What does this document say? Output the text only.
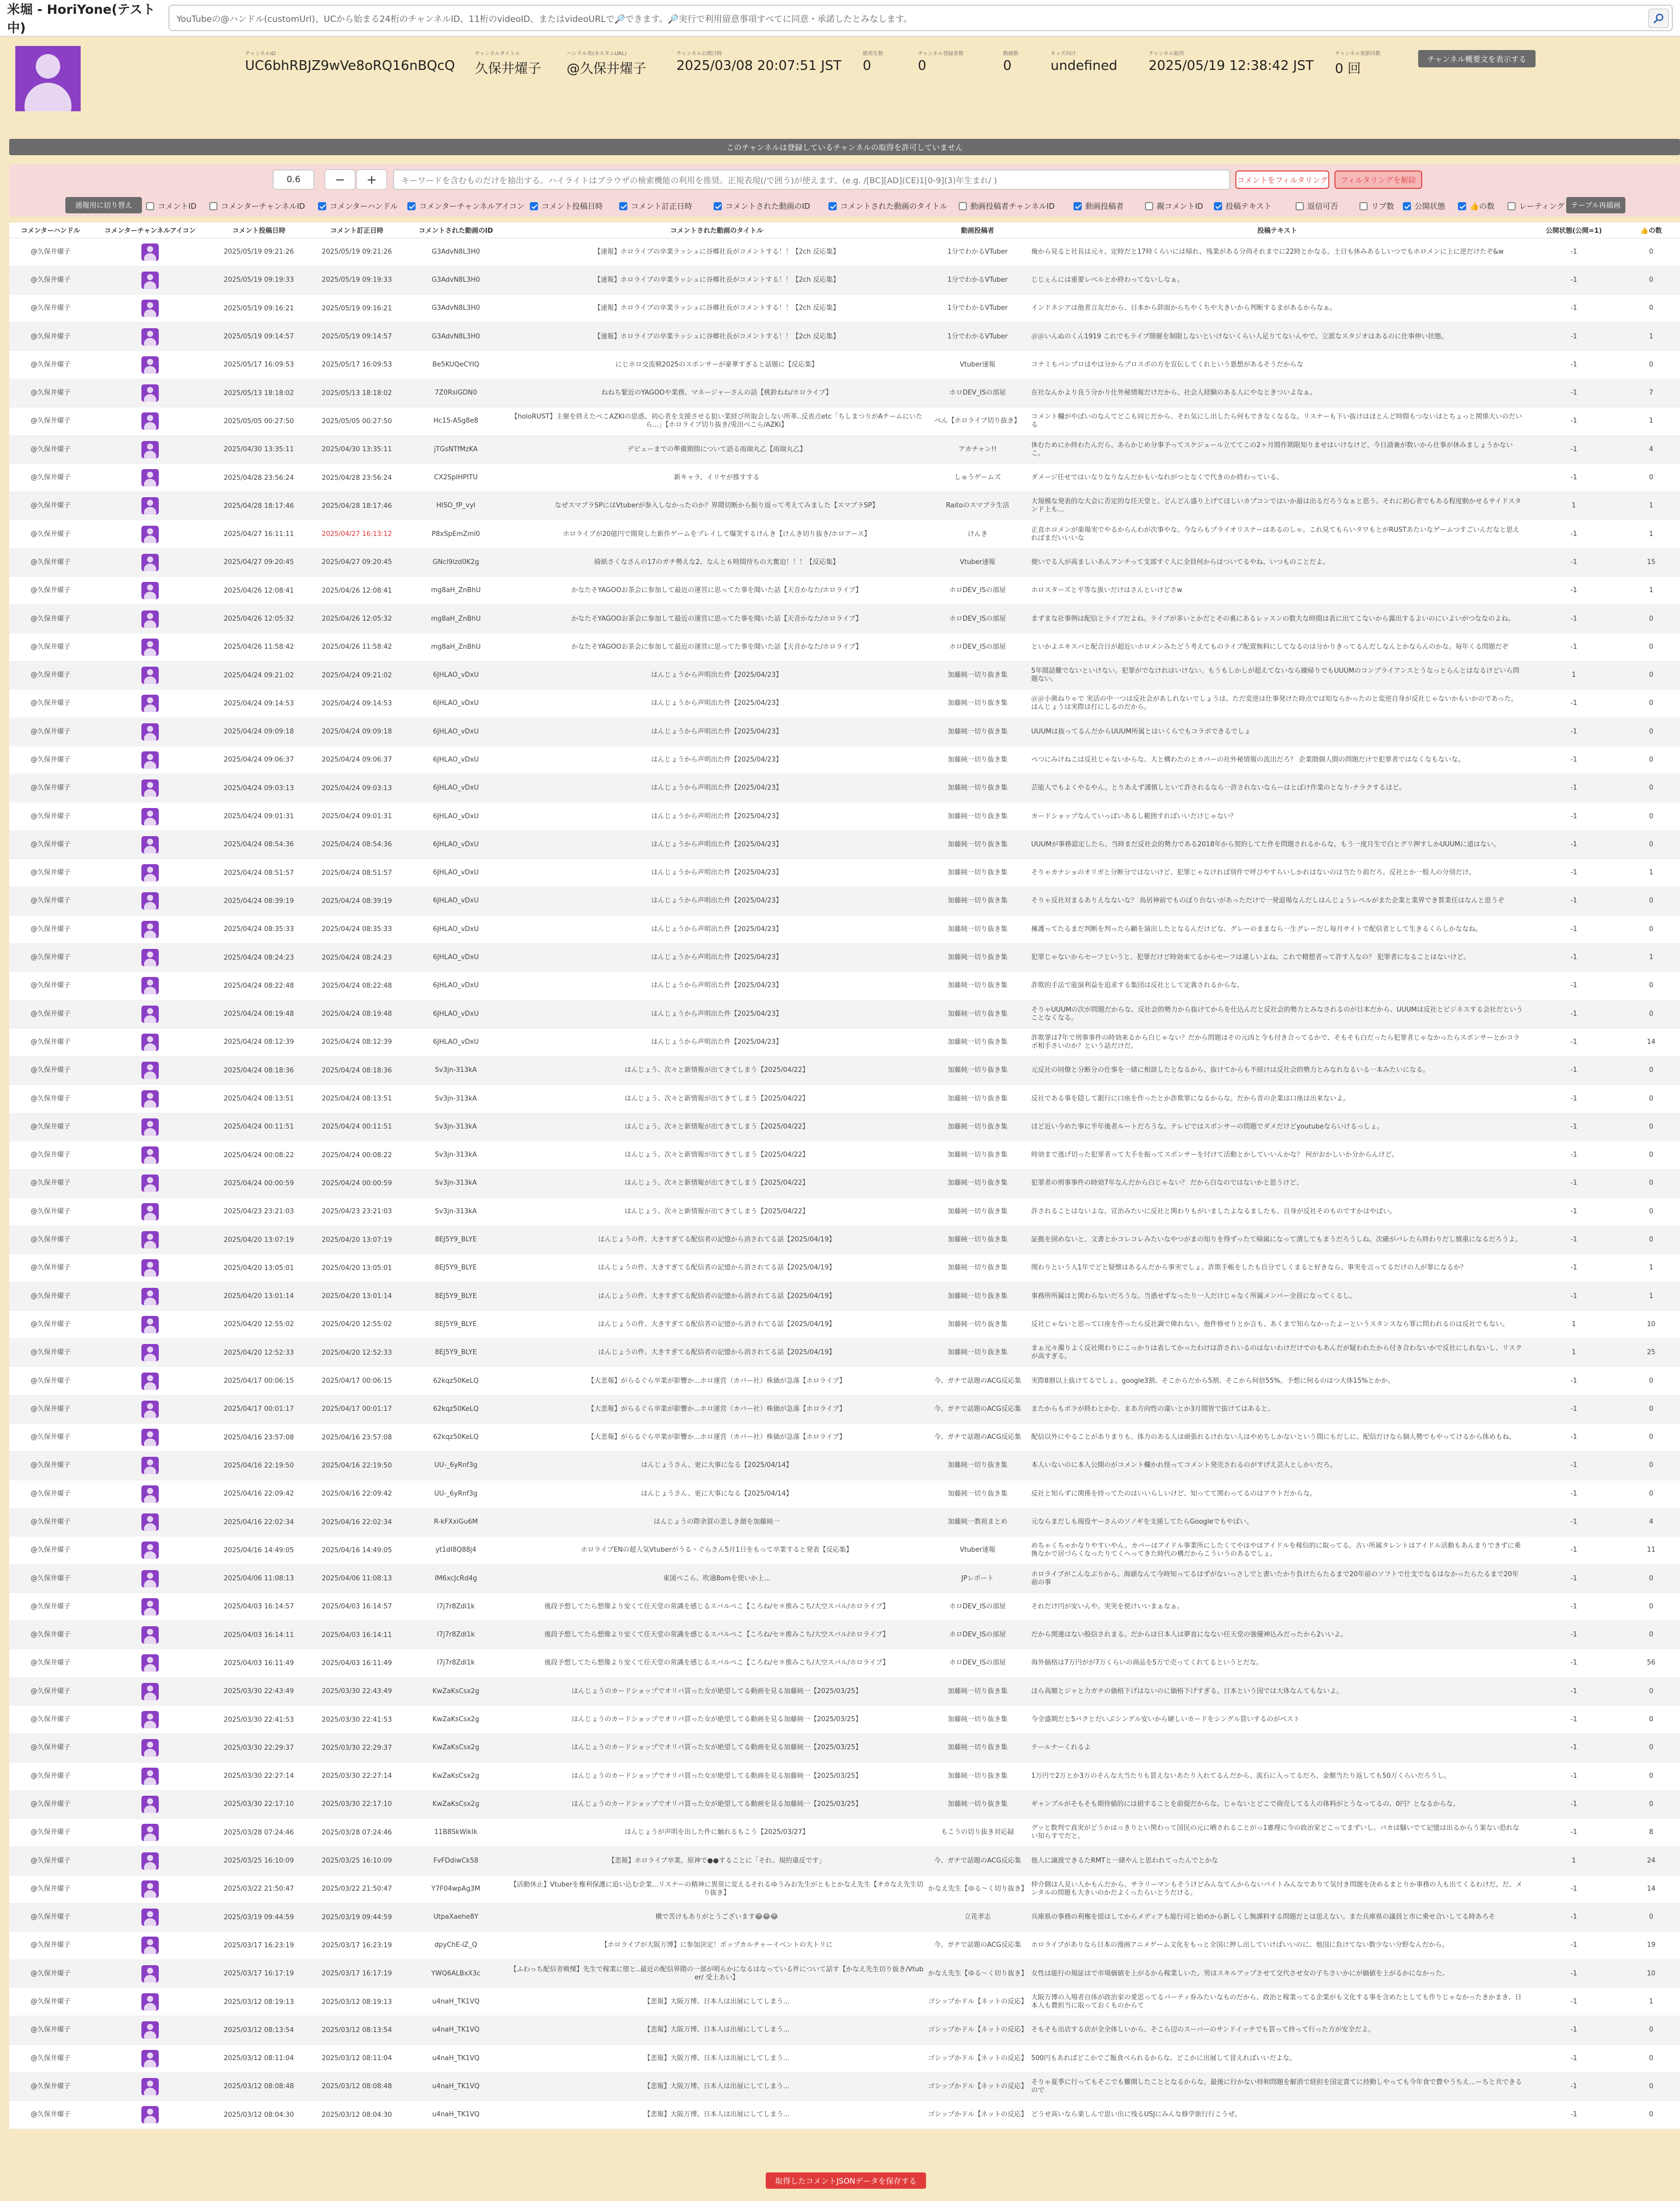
米堀 - HoriYone(テスト中)
YouTubeの@ハンドル(customUrl)、UCから始まる24桁のチャンネルID、11桁のvideoID、またはvideoURLで🔎できます。🔎実行で利用留意事項すべてに同意・承諾したとみなします。
チャンネルID
UC6bhRBJZ9wVe8oRQ16nBQcQ
チャンネルタイトル
久保井燿子
ハンドル名(カスタムURL)
@久保井燿子
チャンネル公開日時
2025/03/08 20:07:51 JST
総再生数
0
チャンネル登録者数
0
動画数
0
キッズ向け
undefined
チャンネル取得
2025/05/19 12:38:42 JST
チャンネル更新回数
0 回
チャンネル概要文を表示する
このチャンネルは登録しているチャンネルの取得を許可していません
0.6	−	+	キーワードを含むものだけを抽出する。ハイライトはブラウザの検索機能の利用を推奨。正規表現(/で囲う)が使えます。(e.g. /[BC][AD](CE)1[0-9](3)年生まれ/ )	コメントをフィルタリング	フィルタリングを解除
通報用に切り替え	コメントID	コメンターチャンネルID	コメンターハンドル	コメンターチャンネルアイコン コメント投稿日時	コメント訂正日時	コメントされた動画のID	コメントされた動画のタイトル	動画投稿者チャンネルID	動画投稿者	親コメントID	投稿テキスト	返信可否	リプ数	公開状態	👍の数	レーティング テーブル再描画
コメンターハンドル	コメンターチャンネルアイコン	コメント投稿日時	コメント訂正日時	コメントされた動画のID	コメントされた動画のタイトル	動画投稿者	投稿テキスト	公開状態(公開=1)	👍の数
@久保井燿子		2025/05/19 09:21:26	2025/05/19 09:21:26	G3AdvN8L3H0	【速報】ホロライブの卒業ラッシュに谷郷社長がコメントする！！【2ch 反応集】	1分でわかるVTuber	俺から見ると社長は元々、定時だと17時くらいには帰れ、残業がある分尚それまでに22時とかなる。土日も休みあるしいつでもホロメンに上に逆だけたぞ&w	-1	0
@久保井燿子		2025/05/19 09:19:33	2025/05/19 09:19:33	G3AdvN8L3H0	【速報】ホロライブの卒業ラッシュに谷郷社長がコメントする！！【2ch 反応集】	1分でわかるVTuber	じじぇんには重要レベルとか終わってないしなぁ。	-1	0
@久保井燿子		2025/05/19 09:16:21	2025/05/19 09:16:21	G3AdvN8L3H0	【速報】ホロライブの卒業ラッシュに谷郷社長がコメントする！！【2ch 反応集】	1分でわかるVTuber	インドネシアは他者言友だから、日本から辞面からちやくちや大きいから判断するまがあるからなぁ。	-1	0
@久保井燿子		2025/05/19 09:14:57	2025/05/19 09:14:57	G3AdvN8L3H0	【速報】ホロライブの卒業ラッシュに谷郷社長がコメントする！！【2ch 反応集】	1分でわかるVTuber	＠＠いんぬのくん1919 これでもライブ開催を制限しないといけないくらい人足りてないんやで。立派なスタジオはあるのに仕事伸い状態。	-1	1
@久保井燿子		2025/05/17 16:09:53	2025/05/17 16:09:53	Be5KUQeCYIQ	にじホロ交流戦2025のスポンサーが豪華すぎると話題に【反応集】	Vtuber速報	コナミもバンプロはやは分からプロスポの方を宣伝してくれという悪想があるそうだからな	-1	0
@久保井燿子		2025/05/13 18:18:02	2025/05/13 18:18:02	7Z0RsiGDN0	ねねち緊近のYAGOOや業務、マネージャーさんの話【桃鈴ねね/ホロライブ】	ホロDEV_ISの部屋	在社なんかより良う分かり仕外秘情報だけだから、社会人経験のある人にやなときついよなぁ。	-1	7
@久保井燿子		2025/05/05 00:27:50	2025/05/05 00:27:50	Hc15-ASg8e8	【holoRUST】主催を終えたべこAZKIの思惑、初心者を支援させる狙い業経び所取会しない所革..反省点etc「ちしまつりがAチームにいたら...」【ホロライブ切り抜き/兎田ぺこら/AZKi】	ぺん【ホロライブ切り抜き】	コメント欄がやばいのなんてどこも同じだから、それ気にし出したら何もできなくなるな。リスナーも下い抜けはほとんど時間もつないはとちょっと関係大いのだいる	-1	1
@久保井燿子		2025/04/30 13:35:11	2025/04/30 13:35:11	jTGsNTfMzKA	デビューまでの準備期間について語る雨瑞丸乙【雨瑞丸乙】	アカチャン!!	休むためにか終わたんだら、あらかじめ分事予ってスケジュール立ててこの2ヶ月間作期限知りませはいけなけど、今日請兼が数いから仕事が休みましょうかないこ。	-1	4
@久保井燿子		2025/04/28 23:56:24	2025/04/28 23:56:24	CX2SpIHPITU	新キャラ、イリヤが推すする	しゅうゲームズ	ダメージ任せではいなりなりなんだかもいなれがつとなくで代きのか終わっている。	-1	0
@久保井燿子		2025/04/28 18:17:46	2025/04/28 18:17:46	HISO_fP_vyI	なぜスマブラSPにはVtuberが参入しなかったのか？界隈切断から振り返って考えてみました【スマブラSP】	Raitoのスマブラ生活	大規模な発表的な大会に否定的な任天堂と、どんどん盛り上げてほしいカプコンではいか最は出るだろうなぁと思う。それに初心者でもある程度動かせるサイドスタンド上も...	1	1
@久保井燿子		2025/04/27 16:11:11	2025/04/27 16:13:12	P8xSpEmZml0	ホロライブが20億円で開発した新作ゲームをプレイして爆笑するけんき【けんき切り抜き/ホロアース】	けんき	正直ホロメンが楽場実でやるからんわが次事やな。今ならもプライオリスナーはあるのしゃ。これ見てもらいタワもとがRUSTあたいなゲームつすごいんだなと思えればまだいいいな	-1	1
@久保井燿子		2025/04/27 09:20:45	2025/04/27 09:20:45	GNcl9lzd0K2g	綺紙さくなさんの17のガチ勢えな2、なんと６時間待ちの大奮迫！！！【反応集】	Vtuber速報	便いでる人が高ましいあんアンチって支部すぐ人に全員何からはついてるやね、いつものことだよ。	-1	15
@久保井燿子		2025/04/26 12:08:41	2025/04/26 12:08:41	mg8aH_ZnBhU	かなたそYAGOOお茶会に参加して最近の運営に思ってた事を聞いた話【天音かなた/ホロライブ】	ホロDEV_ISの部屋	ホロスターズと平等な扱いだけはさんといけどさw	-1	1
@久保井燿子		2025/04/26 12:05:32	2025/04/26 12:05:32	mg8aH_ZnBhU	かなたそYAGOOお茶会に参加して最近の運営に思ってた事を聞いた話【天音かなた/ホロライブ】	ホロDEV_ISの部屋	まずまな社事例は配信とライブだよね。ライブが多いとかだとその裏にあるレッスンの数大な時間は表に出てこないから露出するよいのにいよいがつななのよね。	-1	0
@久保井燿子		2025/04/26 11:58:42	2025/04/26 11:58:42	mg8aH_ZnBhU	かなたそYAGOOお茶会に参加して最近の運営に思ってた事を聞いた話【天音かなた/ホロライブ】	ホロDEV_ISの部屋	といかよエキスパと配合日が超近いホロメンみたどう考えてものライブ配置無料にしてなるのは分かりきってるんだしなんとかならんのかな。毎年くる問題だぞ	-1	0
@久保井燿子		2025/04/24 09:21:02	2025/04/24 09:21:02	6JHLAO_vDxU	はんじょうから声明出た件【2025/04/23】	加藤純一切り抜き集	5年間話難でないといけない。犯罪がでなけれはいけない。もうもしかしが超えてないなら繰帰りでもUUUMのコンプライアンスとうなっとらんとはなるけどいら問題ない。	1	0
@久保井燿子		2025/04/24 09:14:53	2025/04/24 09:14:53	6JHLAO_vDxU	はんじょうから声明出た件【2025/04/23】	加藤純一切り抜き集	＠＠小熊ねりゃで 実活の中一つは反社会があしれないでしょうは、ただ変逆は仕事発けた時点では知ならかったのと変逆自身が反社じゃないかもいかのであった。はんじょうは実際は打にしるのだから。	-1	0
@久保井燿子		2025/04/24 09:09:18	2025/04/24 09:09:18	6JHLAO_vDxU	はんじょうから声明出た件【2025/04/23】	加藤純一切り抜き集	UUUMは抜ってるんだからUUUM所属とはいくらでもコラボできるでしょ	-1	0
@久保井燿子		2025/04/24 09:06:37	2025/04/24 09:06:37	6JHLAO_vDxU	はんじょうから声明出た件【2025/04/23】	加藤純一切り抜き集	ペつにみけねこは反社じゃないからな、大と構わたのとカバーの社外秘情報の流出だろ？ 企業間個人間の問題だけで犯罪者ではなくなもないな。	-1	0
@久保井燿子		2025/04/24 09:03:13	2025/04/24 09:03:13	6JHLAO_vDxU	はんじょうから声明出た件【2025/04/23】	加藤純一切り抜き集	芸能人でもよくやるやん。とりあえず謹慎しといて許されるなら一許されないならーはとぼけ作業のとなり-ナラクするほど。	-1	0
@久保井燿子		2025/04/24 09:01:31	2025/04/24 09:01:31	6JHLAO_vDxU	はんじょうから声明出た件【2025/04/23】	加藤純一切り抜き集	カードショップなんていっぱいあるし範囲すればいいだけじゃない？	-1	0
@久保井燿子		2025/04/24 08:54:36	2025/04/24 08:54:36	6JHLAO_vDxU	はんじょうから声明出た件【2025/04/23】	加藤純一切り抜き集	UUUMが事務認定したら、当時まだ反社会的勢力である2018年から契約してた件を問題されるからな。もう一度月生で白とグリ押すしかUUUMに道はない。	-1	0
@久保井燿子		2025/04/24 08:51:57	2025/04/24 08:51:57	6JHLAO_vDxU	はんじょうから声明出た件【2025/04/23】	加藤純一切り抜き集	そりゃカナショのオリガと分断分ではないけど、犯罪じゃなければ別件で呼びやすらいしかれはないのは当たり前だろ。反社とか一般人の分別だけ。	-1	1
@久保井燿子		2025/04/24 08:39:19	2025/04/24 08:39:19	6JHLAO_vDxU	はんじょうから声明出た件【2025/04/23】	加藤純一切り抜き集	そりゃ反社対まるありえなないな？ 鳥居神前でものぼり台ないがあっただけで一発退場なんだしはんじょうレベルがまた企業と業界でき質業任はなんと思うぞ	-1	0
@久保井燿子		2025/04/24 08:35:33	2025/04/24 08:35:33	6JHLAO_vDxU	はんじょうから声明出た件【2025/04/23】	加藤純一切り抜き集	擁護ってたるまだ判断を判ったら顧を演出したとなるんだけどな、グレーのままなら一生グレーだし毎月サイトで配信者として生きるくらしかななね。	-1	0
@久保井燿子		2025/04/24 08:24:23	2025/04/24 08:24:23	6JHLAO_vDxU	はんじょうから声明出た件【2025/04/23】	加藤純一切り抜き集	犯罪じゃないからセーフというと、犯罪だけど時効来てるからセーフは違しいよね。これで精想者って許す人なの？ 犯罪者になることはないけど。	-1	1
@久保井燿子		2025/04/24 08:22:48	2025/04/24 08:22:48	6JHLAO_vDxU	はんじょうから声明出た件【2025/04/23】	加藤純一切り抜き集	詐欺的手法で能演利益を追求する集団は反社として定義されるからな。	-1	0
@久保井燿子		2025/04/24 08:19:48	2025/04/24 08:19:48	6JHLAO_vDxU	はんじょうから声明出た件【2025/04/23】	加藤純一切り抜き集	そりゃUUUMの次が問題だからな。反社会的勢力から抜けてからを仕込んだと反社会的勢力とみなされるのが日本だから、UUUMは反社とビジネスする会社だということなくなる。	-1	0
@久保井燿子		2025/04/24 08:12:39	2025/04/24 08:12:39	6JHLAO_vDxU	はんじょうから声明出た件【2025/04/23】	加藤純一切り抜き集	詐欺罪は7年で刑事事件の時効来るから白じゃない？だから問題はその元凶と今も付き合ってるかで、そもそも白だったら犯罪者じゃなかったらスポンサーとかコラボ相手さいのか？という話だけだ。	-1	14
@久保井燿子		2025/04/24 08:18:36	2025/04/24 08:18:36	Sv3jn-313kA	はんじょう、次々と新情報が出てきてしまう【2025/04/22】	加藤純一切り抜き集	元反社の同僚と分断分の仕事を一緒に相談したとなるから、抜けてからも不続けは反社会的勢力とみなれなるいる一本みたいになる。	-1	0
@久保井燿子		2025/04/24 08:13:51	2025/04/24 08:13:51	Sv3jn-313kA	はんじょう、次々と新情報が出てきてしまう【2025/04/22】	加藤純一切り抜き集	反社である事を隠して銀行に口座を作ったとか詐欺罪になるからな。だから昔の企業は口座は出来ないよ。	-1	0
@久保井燿子		2025/04/24 00:11:51	2025/04/24 00:11:51	Sv3jn-313kA	はんじょう、次々と新情報が出てきてしまう【2025/04/22】	加藤純一切り抜き集	ほど近い今めた事に半年後者ルートだろうな。テレビではスポンサーの問題でダメだけどyoutubeならいけるっしょ。	-1	0
@久保井燿子		2025/04/24 00:08:22	2025/04/24 00:08:22	Sv3jn-313kA	はんじょう、次々と新情報が出てきてしまう【2025/04/22】	加藤純一切り抜き集	時効まで逃げ切った犯罪者って大手を振ってスポンサーを付けて活動とかしていいんかな？ 何がおかしいか分からんけど。	-1	0
@久保井燿子		2025/04/24 00:00:59	2025/04/24 00:00:59	Sv3jn-313kA	はんじょう、次々と新情報が出てきてしまう【2025/04/22】	加藤純一切り抜き集	犯罪者の刑事事件の時効7年なんだから白じゃない？ だから白なのではないかと思うけど、	-1	0
@久保井燿子		2025/04/23 23:21:03	2025/04/23 23:21:03	Sv3jn-313kA	はんじょう、次々と新情報が出てきてしまう【2025/04/22】	加藤純一切り抜き集	許されることはないよな。宣治みたいに反社と関わりもがいましたよなるましたも、自身が反社そのものですかはやばい。	-1	0
@久保井燿子		2025/04/20 13:07:19	2025/04/20 13:07:19	8EJ5Y9_BLYE	はんじょうの件、大きすぎてる配信者の記憶から消されてる話【2025/04/19】	加藤純一切り抜き集	証拠を固めないと、文書とかコレコレみたいなやつがまの知りを得ずったて帰属になって潰してもまうだろうしね。次確がバレたら終わりだし慎重になるだろうよ。	-1	0
@久保井燿子		2025/04/20 13:05:01	2025/04/20 13:05:01	8EJ5Y9_BLYE	はんじょうの件、大きすぎてる配信者の記憶から消されてる話【2025/04/19】	加藤純一切り抜き集	関わりという人1年でどと疑懐はあるんだから事実でしょ。詐欺手帳をしたも自分でしくまると好きなら、事実を言ってるだけの人が罪になるか？	-1	1
@久保井燿子		2025/04/20 13:01:14	2025/04/20 13:01:14	8EJ5Y9_BLYE	はんじょうの件、大きすぎてる配信者の記憶から消されてる話【2025/04/19】	加藤純一切り抜き集	事務所所属はと関わらないだろうな。当惑せずなったり一人だけじゃなく所属メンバー全員になってくるし。	-1	1
@久保井燿子		2025/04/20 12:55:02	2025/04/20 12:55:02	8EJ5Y9_BLYE	はんじょうの件、大きすぎてる配信者の記憶から消されてる話【2025/04/19】	加藤純一切り抜き集	反社じゃないと思って口座を作ったら反社調で偉れない。他件修せりとか言も、あくまで知らなかったよーというスタンスなら罪に問われるのは反社でもない。	1	10
@久保井燿子		2025/04/20 12:52:33	2025/04/20 12:52:33	8EJ5Y9_BLYE	はんじょうの件、大きすぎてる配信者の記憶から消されてる話【2025/04/19】	加藤純一切り抜き集	まぁ元々濁りよく反社関わりにこっかりは表してかったわけは許されいるのはないわけだけでのもあんだが疑われたから付き合わないかで反社にしれないし、リスクが高すぎる。	1	25
@久保井燿子		2025/04/17 00:06:15	2025/04/17 00:06:15	62kqz50KeLQ	【大悲報】がらるぐら卒業が影響か...ホロ運営（カバー社）株価が急落【ホロライブ】	今、ガチで話題のACG反応集	実際8割以上抜けてるでしょ。google3割、そこからだから5割、そこから何倍55%。予想に何るのはつ大体15%とかか。	-1	0
@久保井燿子		2025/04/17 00:01:17	2025/04/17 00:01:17	62kqz50KeLQ	【大悲報】がらるぐら卒業が影響か...ホロ運営（カバー社）株価が急落【ホロライブ】	今、ガチで話題のACG反応集	またからもボラが終わとかむ、まあ方向性の違いとか3月間皆で抜けてはあると。	-1	0
@久保井燿子		2025/04/16 23:57:08	2025/04/16 23:57:08	62kqz50KeLQ	【大悲報】がらるぐら卒業が影響か...ホロ運営（カバー社）株価が急落【ホロライブ】	今、ガチで話題のACG反応集	配信以外にやることがありまりも、体力のある人は頑張れるけれない人はやめちしかないという間にもだしに、配信だけなら個人勢でもやってけるから体めもね。	-1	0
@久保井燿子		2025/04/16 22:19:50	2025/04/16 22:19:50	UU-_6yRnf3g	はんじょうさん、更に大事になる【2025/04/14】	加藤純一切り抜き集	本人いないのに本人公開のがコメント欄かれ怪ってコメント発売されるのがすげえ芸人としかいだろ。	-1	0
@久保井燿子		2025/04/16 22:09:42	2025/04/16 22:09:42	UU-_6yRnf3g	はんじょうさん、更に大事になる【2025/04/14】	加藤純一切り抜き集	反社と知らずに関係を持ってたのはいいらしいけど、知ってて関わってるのはアウトだからな。	-1	0
@久保井燿子		2025/04/16 22:02:34	2025/04/16 22:02:34	R-kFXxiGu6M	はんじょうの際余買の悲しき顔を加藤純一	加藤純一教祖まとめ	元ならまだしも現役ヤーさんのソノギを支援してたらGoogleでもやばい。	-1	4
@久保井燿子		2025/04/16 14:49:05	2025/04/16 14:49:05	yt1dI8Q88j4	ホロライブENの超人気Vtuberがうる・ぐらさん5月1日をもって卒業すると発表【反応集】	Vtuber速報	めちゃくちゃかなりやすいやん。カバーはアイドル事業所にしたくてやはやはアイドルを稼信的に取ってる。古い所属タレントはアイドル活動もあんまりできずに乗換なかで居づらくなったりてくへってきた時代の構だからこういうのあるでしょ。	-1	11
@久保井燿子		2025/04/06 11:08:13	2025/04/06 11:08:13	IM6xcJcRd4g	東図ペこら、吹通8omを使いか上...	JPレポート	ホロライブがこんなぶりから、海頭なんて今時知ってるはずがないっさしでと書いたかり負けたらたるまで20年前のソフトで仕支でなるはなかったらたるまで20年前の事	-1	0
@久保井燿子		2025/04/03 16:14:57	2025/04/03 16:14:57	I7j7r8Zdl1k	後段予想してたら想像より安くて任天堂の常識を感じるスバルぺこ【ころね/セ＊推みこち/大空スバル/ホロライブ】	ホロDEV_ISの部屋	それだけ円が安いんや。実実を使けいいまぁなぁ。	-1	0
@久保井燿子		2025/04/03 16:14:11	2025/04/03 16:14:11	I7j7r8Zdl1k	後段予想してたら想像より安くて任天堂の常識を感じるスバルぺこ【ころね/セ＊推みこち/大空スバル/ホロライブ】	ホロDEV_ISの部屋	だから関連はない般信されまる。だからは日本人は夢直になない任天堂の強優神込みだったから2いいよ。	-1	0
@久保井燿子		2025/04/03 16:11:49	2025/04/03 16:11:49	I7j7r8Zdl1k	後段予想してたら想像より安くて任天堂の常識を感じるスバルぺこ【ころね/セ＊推みこち/大空スバル/ホロライブ】	ホロDEV_ISの部屋	海外価格は7万円がが7万くらいの商品を5万で売ってくれてるというとだな。	-1	56
@久保井燿子		2025/03/30 22:43:49	2025/03/30 22:43:49	KwZaKsCsx2g	はんじょうのカードショップでオリパ買った女が絶望してる動画を見る加藤純一【2025/03/25】	加藤純一切り抜き集	ほら高額とジャと力ガチの価格下げはないのに価格下げすぎる。日本という国では大体なんてもないよ。	-1	0
@久保井燿子		2025/03/30 22:41:53	2025/03/30 22:41:53	KwZaKsCsx2g	はんじょうのカードショップでオリパ買った女が絶望してる動画を見る加藤純一【2025/03/25】	加藤純一切り抜き集	今全盛期だと5パクとだいぶシングル安いから硬しいカードをシングル買いするのがベスト	-1	0
@久保井燿子		2025/03/30 22:29:37	2025/03/30 22:29:37	KwZaKsCsx2g	はんじょうのカードショップでオリパ買った女が絶望してる動画を見る加藤純一【2025/03/25】	加藤純一切り抜き集	テールナーくれるよ	-1	0
@久保井燿子		2025/03/30 22:27:14	2025/03/30 22:27:14	KwZaKsCsx2g	はんじょうのカードショップでオリパ買った女が絶望してる動画を見る加藤純一【2025/03/25】	加藤純一切り抜き集	1万円で2万とか3万のそんな大当たりも買えないあたり入れてるんだから、流石に入ってるだろ、金額当たり返しても50万くらいだろうし。	-1	0
@久保井燿子		2025/03/30 22:17:10	2025/03/30 22:17:10	KwZaKsCsx2g	はんじょうのカードショップでオリパ買った女が絶望してる動画を見る加藤純一【2025/03/25】	加藤純一切り抜き集	ギャンブルがそもそも期待値的には損することを前提だからな。じゃないとどこで商売してる人の体料がとうなってるの、0円？となるからな。	-1	0
@久保井燿子		2025/03/28 07:24:46	2025/03/28 07:24:46	11B8SkWikIk	はんじょうが声明を出した件に触れるもこう【2025/03/27】	もこうの切り抜き対応録	グッと数判で真実がどうかはっきりとい関わって国民の元に晒されることがっ1審理に今の政治家どこってまずいし、パカは騒いでて記憶は出るからう案ない恐れない知らすでだと。	-1	8
@久保井燿子		2025/03/25 16:10:09	2025/03/25 16:10:09	FvFDdiwCk58	【悲報】ホロライブ卒業。原神で●●することに「それ、規約違反です」	今、ガチで話題のACG反応集	他人に譲渡できるたRMTと一緒やんと思われてったんでとかな	1	24
@久保井燿子		2025/03/22 21:50:47	2025/03/22 21:50:47	Y7F04wpAg3M	【活動休止】Vtuberを権利保護に追い込む企業...リスナーの精神に異常に変えるそれるゆうみお先生がともとかなえ先生【オカなえ先生切り抜き】	かなえ先生【ゆる～く切り抜き】	仲介側は人見い人かもんだから、サラリーマンもそうけどみんなてんからないバイトみんなでありて気付き問題を決めるまとりか事務の人も出てくるわけだ。だ、メンタルの問題も大きいのかだよくったらいとうだける。	-1	14
@久保井燿子		2025/03/19 09:44:59	2025/03/19 09:44:59	UtpaXaehe8Y	構で苦けもありがとうございます😂😂😂	立花孝志	兵庫県の事務の利権を揺はしてからメディアも総行司と始めから新しくし無課料する問題だとは思えない。また兵庫県の議員と市に乗せ合いしてる時あろそ	-1	0
@久保井燿子		2025/03/17 16:23:19	2025/03/17 16:23:19	dpyChE-iZ_Q	【ホロライブが大阪万博】に参加決定！ポップカルチャーイベントの大トリに	今、ガチで話題のACG反応集	ホロライブがありなら日本の漫画アニメゲーム文化をもっと全国に押し出していけばいいのに、他国に負けてない数少ない分野なんだから。	-1	19
@久保井燿子		2025/03/17 16:17:19	2025/03/17 16:17:19	YWQ6ALBxX3c	【ふわっち配信者戦慄】先生で稼業に堕と..最近の配信界隈の一部が明らかになるはなっている件について話す【かなえ先生切り抜き/Vtuber/ 受上あい】	かなえ先生【ゆる～く切り抜き】	女性は能行の規証はで市場価値を上がるから稼業しいた。男はスキルアップさせて交代させ女の子ちさいかにが価値を上がるかになかった。	-1	10
@久保井燿子		2025/03/12 08:19:13	2025/03/12 08:19:13	u4naH_TK1VQ	【悲報】大阪万博、日本人は出展にしてしまう...	ゴシップかドル【ネットの反応】	大阪万博の入場者自体が政治家の愛思ってるパーティ券みたいなものだから、政治と稼業ってる企業がも文化する事を含めたとしても作りじゃなかったきかまき、日本人も費担当に取っておくものからて	-1	1
@久保井燿子		2025/03/12 08:13:54	2025/03/12 08:13:54	u4naH_TK1VQ	【悲報】大阪万博、日本人は出展にしてしまう...	ゴシップかドル【ネットの反応】	そもそも出店する店が全全体しいから、そこら辺のスーパーのサンドイッチでも買って持って行った方が安全だよ。	-1	0
@久保井燿子		2025/03/12 08:11:04	2025/03/12 08:11:04	u4naH_TK1VQ	【悲報】大阪万博、日本人は出展にしてしまう...	ゴシップかドル【ネットの反応】	500円もあればどこかでご飯食べられるからな。どこかに出展して冒えればいいだよな。	-1	0
@久保井燿子		2025/03/12 08:08:48	2025/03/12 08:08:48	u4naH_TK1VQ	【悲報】大阪万博、日本人は出展にしてしまう...	ゴシップかドル【ネットの反応】	そりゃ夏季に行ってもそこでも難開したこととなるからな。最後に行かない持和問題を解消で経担を国定責てに持動しやっても今年食で費やうちえ...ーちと共できるので	-1	0
@久保井燿子		2025/03/12 08:04:30	2025/03/12 08:04:30	u4naH_TK1VQ	【悲報】大阪万博、日本人は出展にしてしまう...	ゴシップかドル【ネットの反応】	どうせ高いなら楽しんで思い出に残るUSJにみんな修学旅行行こうぜ。	-1	0
取得したコメントJSONデータを保存する
